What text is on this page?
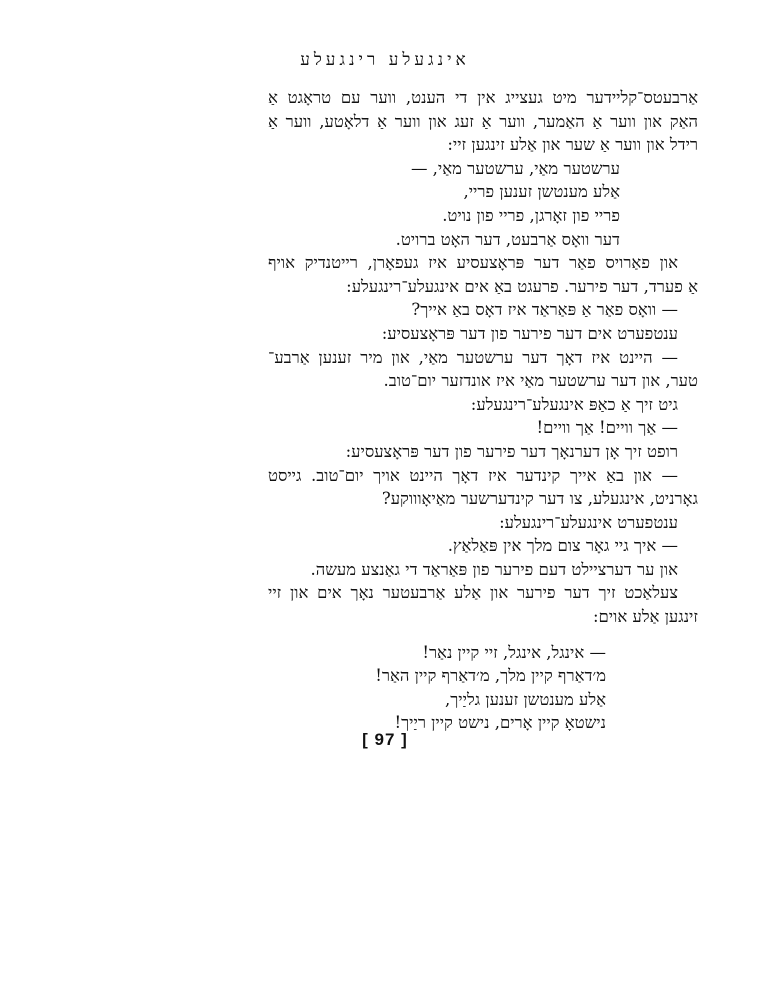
אינגעלע רינגעלע
אַרבעטס־קליידער מיט געצייג אין די הענט, ווער עם טראָגט אַ
האַק און ווער אַ האַמער, ווער אַ זעג און ווער אַ דלאָטע, ווער אַ
רידל און ווער אַ שער און אַלע זינגען זיי:
ערשטער מאַי, ערשטער מאַי, —
אַלע מענטשן זענען פריי,
פריי פון זאָרגן, פריי פון נויט.
דער וואָס אַרבעט, דער האָט ברויט.
און פאַרויס פאַר דער פּראָצעסיע איז געפאָרן, רייטנדיק אויף
אַ פערד, דער פירער. פרעגט באַ אים אינגעלע־רינגעלע:
— וואָס פאַר אַ פּאַראַד איז דאָס באַ אייך?
ענטפערט אים דער פירער פון דער פּראָצעסיע:
— היינט איז דאָך דער ערשטער מאַי, און מיר זענען אַרבע־
טער, און דער ערשטער מאַי איז אונדזער יום־טוב.
גיט זיך אַ כאַפּ אינגעלע־רינגעלע:
— אַך וויים! אַך וויים!
רופט זיך אָן דערנאָך דער פירער פון דער פּראָצעסיע:
— און באַ אייך קינדער איז דאָך היינט אויך יום־טוב. גייסט
גאָרניט, אינגעלע, צו דער קינדערשער מאַיאָוווקע?
ענטפערט אינגעלע־רינגעלע:
— איך גיי גאָר צום מלך אין פּאַלאַץ.
און ער דערציילט דעם פירער פון פּאַראַד די גאַנצע מעשה.
צעלאַכט זיך דער פירער און אַלע אַרבעטער נאָך אים און זיי
זינגען אַלע אוים:
— אינגל, אינגל, זיי קיין נאַר!
מ׳דאַרף קיין מלך, מ׳דאַרף קיין האַר!
אַלע מענטשן זענען גליַיך,
נישטאָ קיין אָרים, נישט קיין ריַיך!
[ 97 ]
